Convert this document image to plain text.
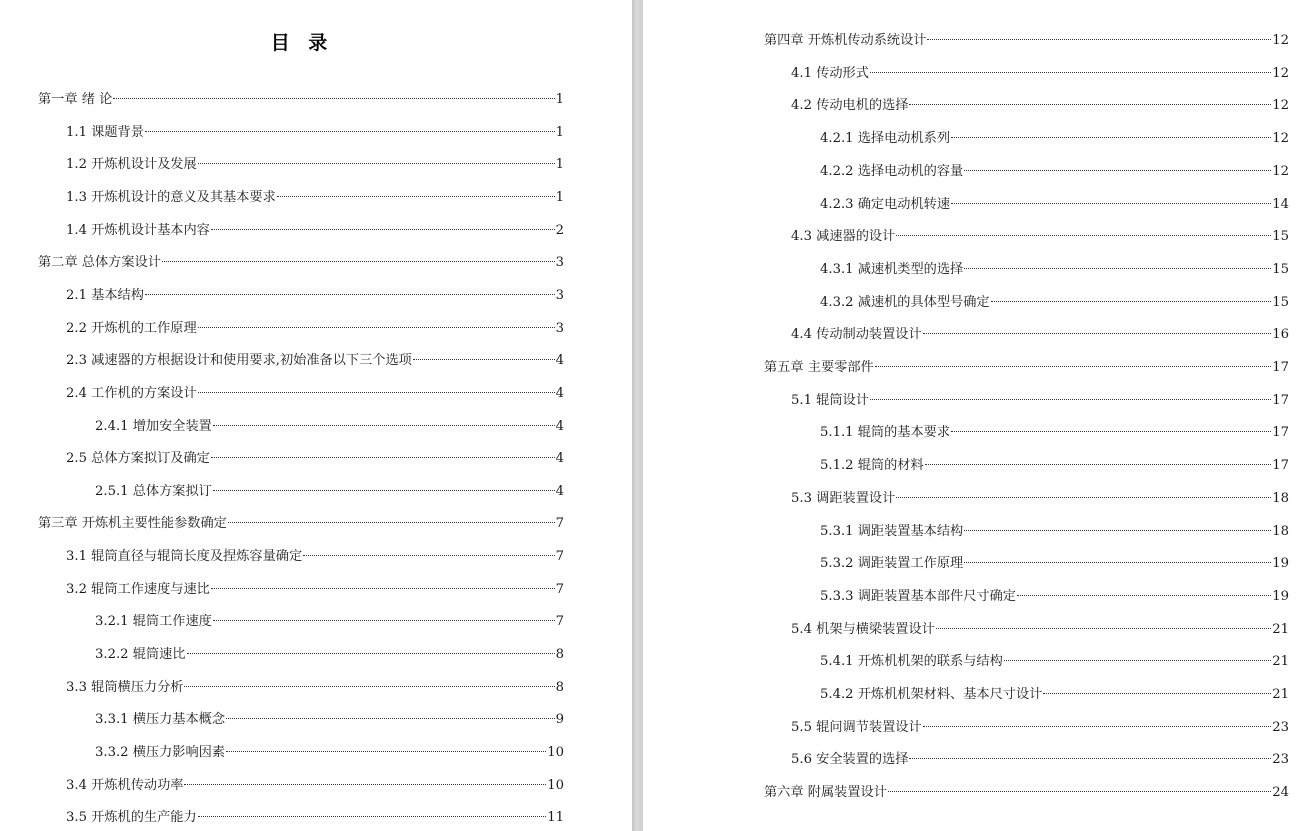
目 录
第一章 绪 论	1
1.1 课题背景	1
1.2 开炼机设计及发展	1
1.3 开炼机设计的意义及其基本要求	1
1.4 开炼机设计基本内容	2
第二章 总体方案设计	3
2.1 基本结构	3
2.2 开炼机的工作原理	3
2.3 减速器的方根据设计和使用要求,初始准备以下三个选项	4
2.4 工作机的方案设计	4
2.4.1 增加安全装置	4
2.5 总体方案拟订及确定	4
2.5.1 总体方案拟订	4
第三章 开炼机主要性能参数确定	7
3.1 辊筒直径与辊筒长度及捏炼容量确定	7
3.2 辊筒工作速度与速比	7
3.2.1 辊筒工作速度	7
3.2.2 辊筒速比	8
3.3 辊筒横压力分析	8
3.3.1 横压力基本概念	9
3.3.2 横压力影响因素	10
3.4 开炼机传动功率	10
3.5 开炼机的生产能力	11
第四章 开炼机传动系统设计	12
4.1 传动形式	12
4.2 传动电机的选择	12
4.2.1 选择电动机系列	12
4.2.2 选择电动机的容量	12
4.2.3 确定电动机转速	14
4.3 减速器的设计	15
4.3.1 减速机类型的选择	15
4.3.2 减速机的具体型号确定	15
4.4 传动制动装置设计	16
第五章 主要零部件	17
5.1 辊筒设计	17
5.1.1 辊筒的基本要求	17
5.1.2 辊筒的材料	17
5.3 调距装置设计	18
5.3.1 调距装置基本结构	18
5.3.2 调距装置工作原理	19
5.3.3 调距装置基本部件尺寸确定	19
5.4 机架与横梁装置设计	21
5.4.1 开炼机机架的联系与结构	21
5.4.2 开炼机机架材料、基本尺寸设计	21
5.5 辊问调节装置设计	23
5.6 安全装置的选择	23
第六章 附属装置设计	24
